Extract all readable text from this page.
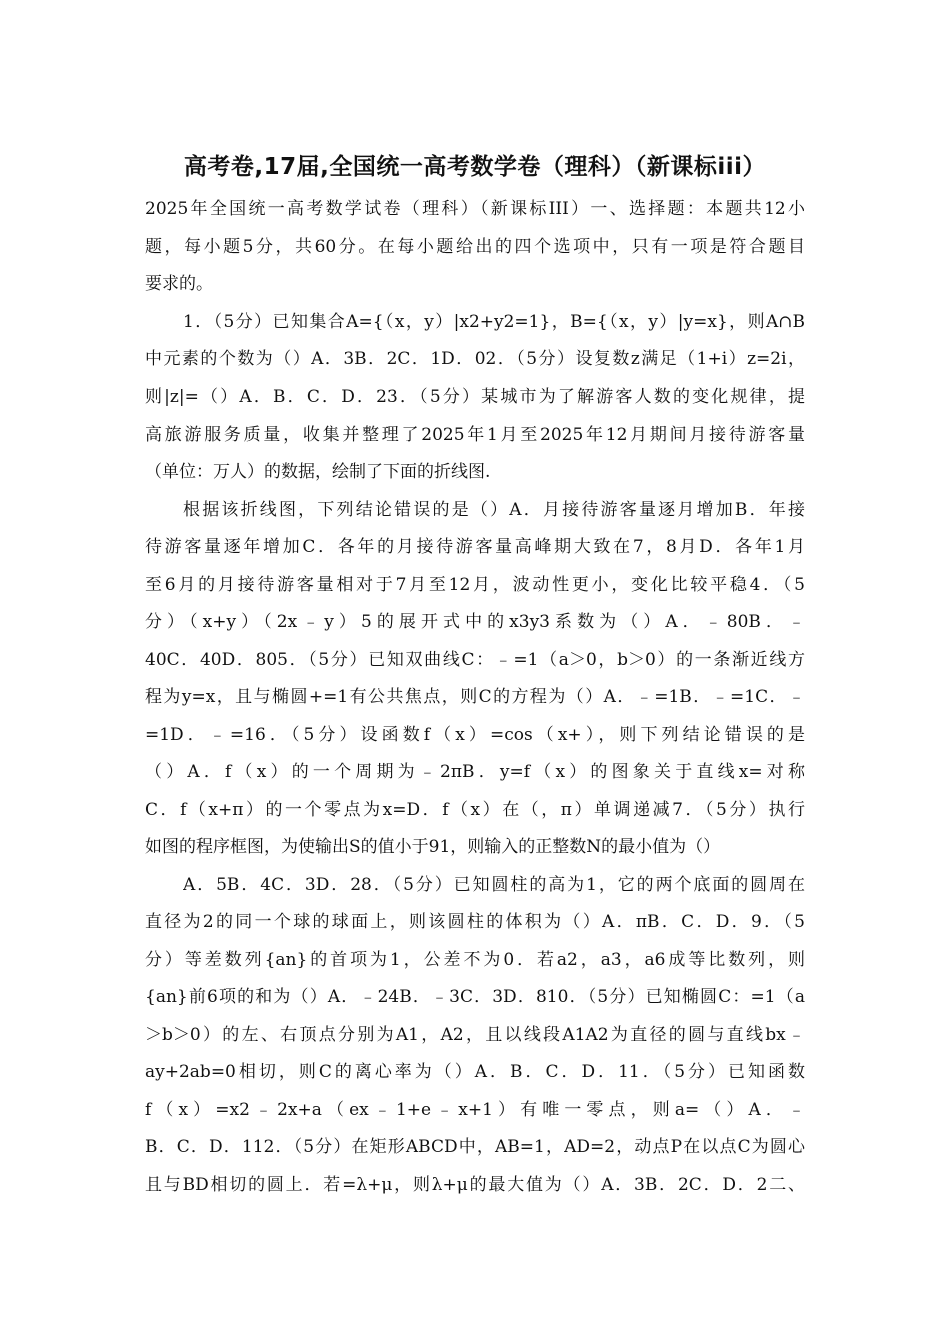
高考卷,17届,全国统一高考数学卷（理科）（新课标iii）
2025年全国统一高考数学试卷（理科）（新课标III）一、选择题：本题共12小
题，每小题5分，共60分。在每小题给出的四个选项中，只有一项是符合题目
要求的。
1．（5分）已知集合A={（x，y）|x2+y2=1}，B={（x，y）|y=x}，则A∩B
中元素的个数为（）A．3B．2C．1D．02．（5分）设复数z满足（1+i）z=2i，
则|z|=（）A．B．C．D．23．（5分）某城市为了解游客人数的变化规律，提
高旅游服务质量，收集并整理了2025年1月至2025年12月期间月接待游客量
（单位：万人）的数据，绘制了下面的折线图.
根据该折线图，下列结论错误的是（）A．月接待游客量逐月增加B．年接
待游客量逐年增加C．各年的月接待游客量高峰期大致在7，8月D．各年1月
至6月的月接待游客量相对于7月至12月，波动性更小，变化比较平稳4．（5
分）（x+y）（2x﹣y）5的展开式中的x3y3系数为（）A．﹣80B．﹣
40C．40D．805．（5分）已知双曲线C：﹣=1（a＞0，b＞0）的一条渐近线方
程为y=x，且与椭圆+=1有公共焦点，则C的方程为（）A．﹣=1B．﹣=1C．﹣
=1D．﹣=16．（5分）设函数f（x）=cos（x+），则下列结论错误的是
（）A．f（x）的一个周期为﹣2πB．y=f（x）的图象关于直线x=对称
C．f（x+π）的一个零点为x=D．f（x）在（，π）单调递减7．（5分）执行
如图的程序框图，为使输出S的值小于91，则输入的正整数N的最小值为（）
A．5B．4C．3D．28．（5分）已知圆柱的高为1，它的两个底面的圆周在
直径为2的同一个球的球面上，则该圆柱的体积为（）A．πB．C．D．9．（5
分）等差数列{an}的首项为1，公差不为0．若a2，a3，a6成等比数列，则
{an}前6项的和为（）A．﹣24B．﹣3C．3D．810．（5分）已知椭圆C：=1（a
＞b＞0）的左、右顶点分别为A1，A2，且以线段A1A2为直径的圆与直线bx﹣
ay+2ab=0相切，则C的离心率为（）A．B．C．D．11．（5分）已知函数
f（x）=x2﹣2x+a（ex﹣1+e﹣x+1）有唯一零点，则a=（）A．﹣
B．C．D．112．（5分）在矩形ABCD中，AB=1，AD=2，动点P在以点C为圆心
且与BD相切的圆上．若=λ+μ，则λ+μ的最大值为（）A．3B．2C．D．2二、
